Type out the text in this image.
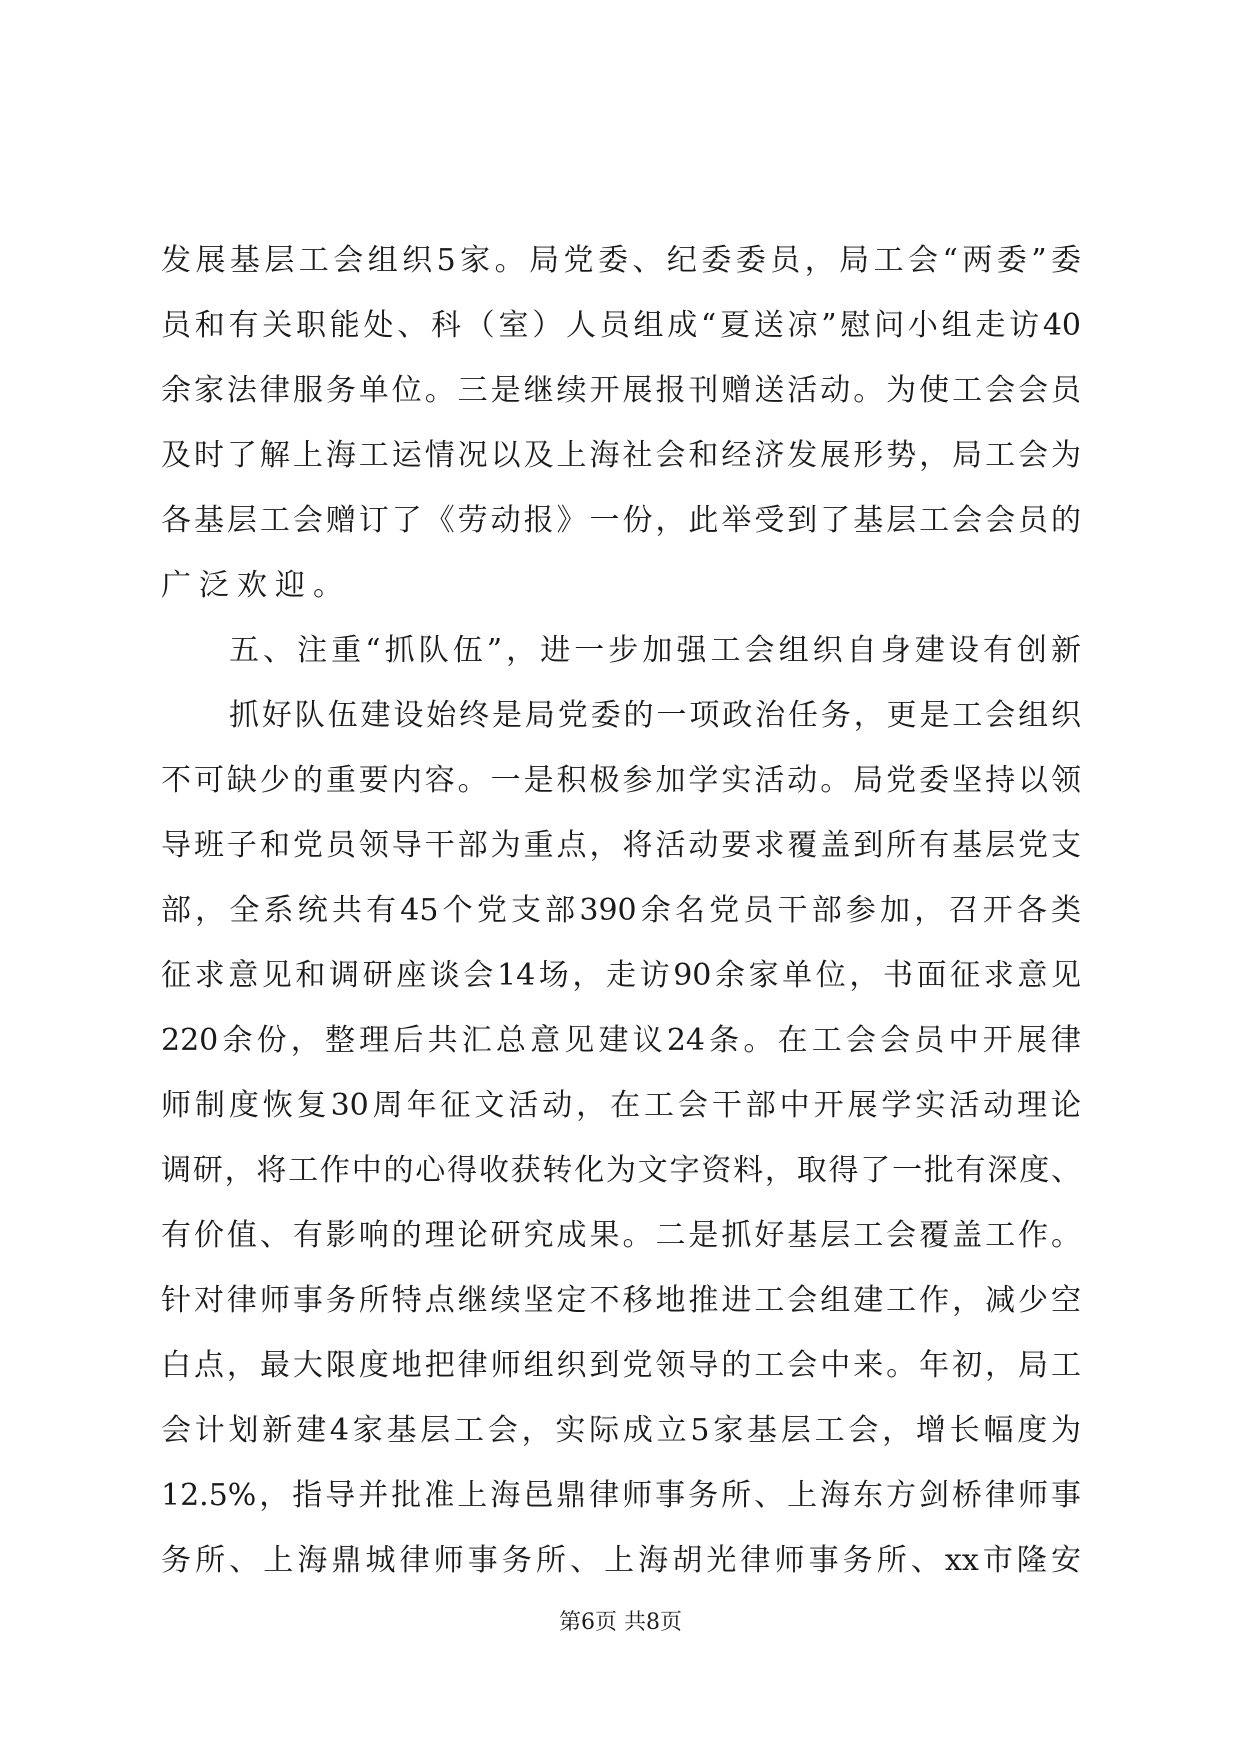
发展基层工会组织5家。局党委、纪委委员，局工会“两委”委
员和有关职能处、科（室）人员组成“夏送凉”慰问小组走访40
余家法律服务单位。三是继续开展报刊赠送活动。为使工会会员
及时了解上海工运情况以及上海社会和经济发展形势，局工会为
各基层工会赠订了《劳动报》一份，此举受到了基层工会会员的
广泛欢迎。
五、注重“抓队伍”，进一步加强工会组织自身建设有创新
抓好队伍建设始终是局党委的一项政治任务，更是工会组织
不可缺少的重要内容。一是积极参加学实活动。局党委坚持以领
导班子和党员领导干部为重点，将活动要求覆盖到所有基层党支
部，全系统共有45个党支部390余名党员干部参加，召开各类
征求意见和调研座谈会14场，走访90余家单位，书面征求意见
220余份，整理后共汇总意见建议24条。在工会会员中开展律
师制度恢复30周年征文活动，在工会干部中开展学实活动理论
调研，将工作中的心得收获转化为文字资料，取得了一批有深度、
有价值、有影响的理论研究成果。二是抓好基层工会覆盖工作。
针对律师事务所特点继续坚定不移地推进工会组建工作，减少空
白点，最大限度地把律师组织到党领导的工会中来。年初，局工
会计划新建4家基层工会，实际成立5家基层工会，增长幅度为
12.5%，指导并批准上海邑鼎律师事务所、上海东方剑桥律师事
务所、上海鼎城律师事务所、上海胡光律师事务所、xx市隆安
第6页 共8页
